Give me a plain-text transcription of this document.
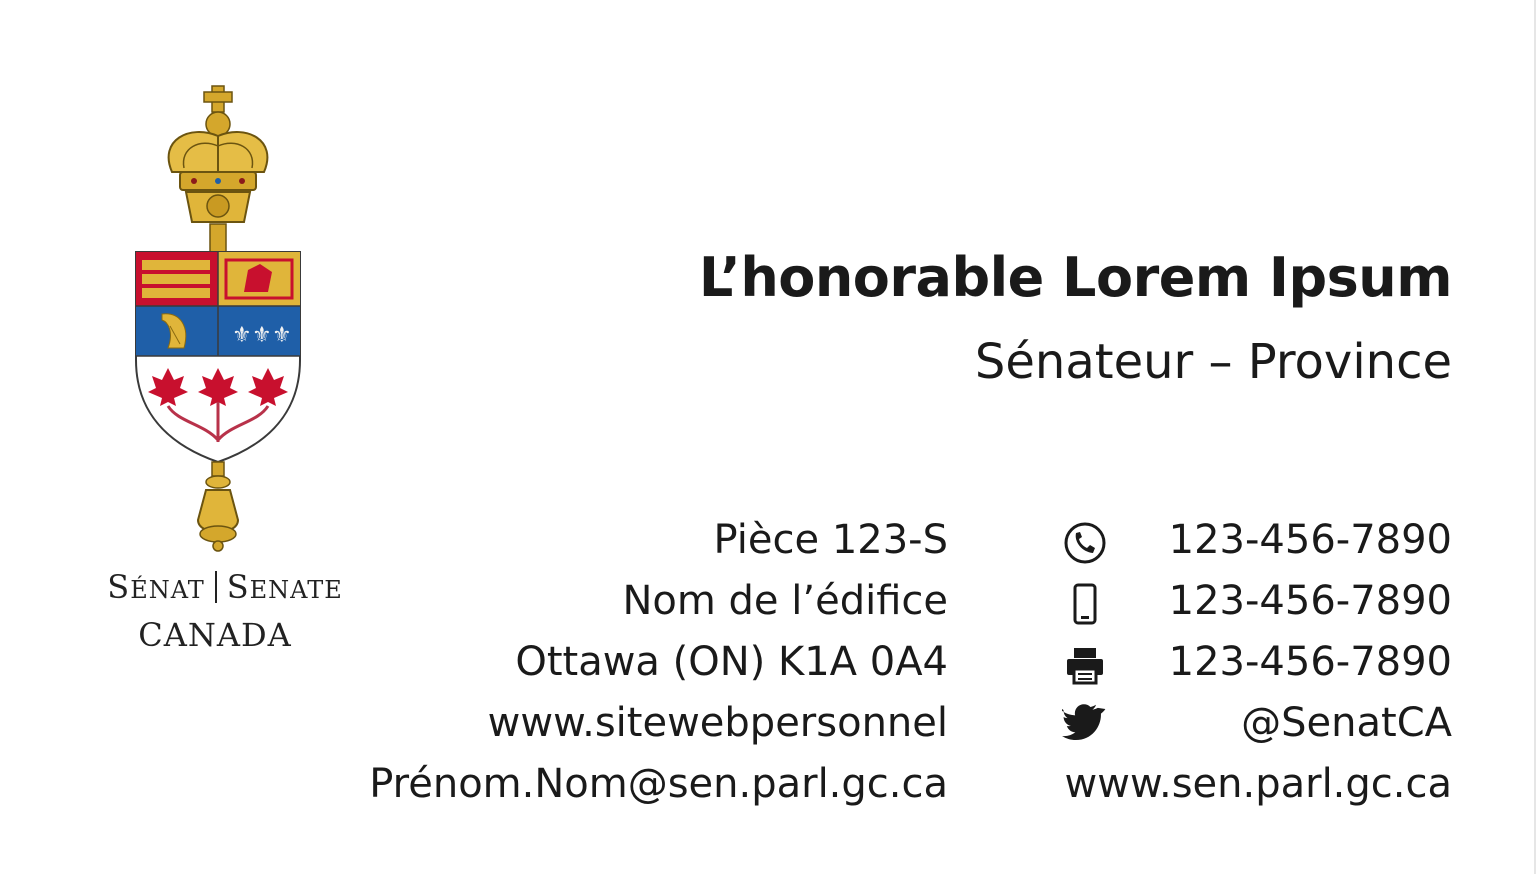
⚜ ⚜ ⚜
SÉNAT SENATE
CANADA
L’honorable Lorem Ipsum
Sénateur – Province
Pièce 123-S
Nom de l’édifice
Ottawa (ON) K1A 0A4
www.sitewebpersonnel
Prénom.Nom@sen.parl.gc.ca
123-456-7890
123-456-7890
123-456-7890
@SenatCA
www.sen.parl.gc.ca
